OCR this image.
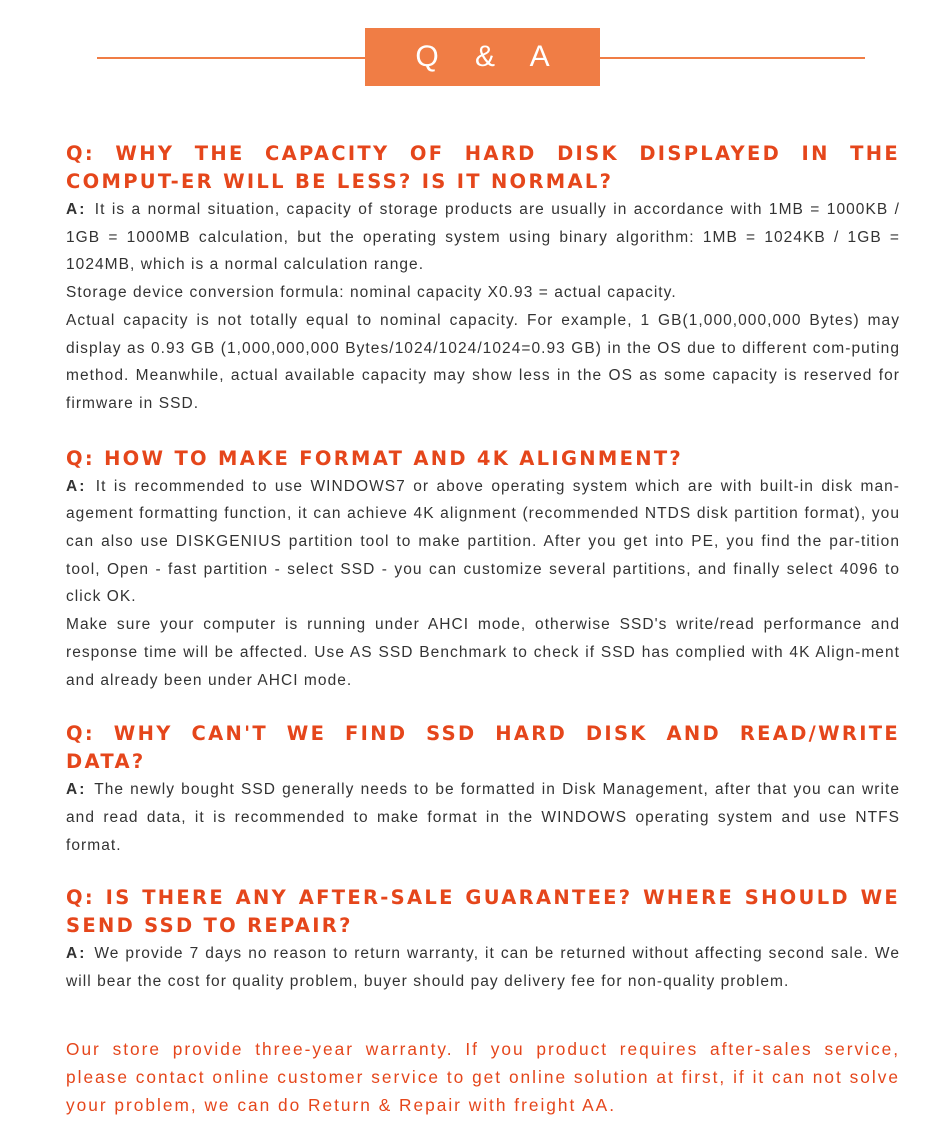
Q & A
Q: WHY THE CAPACITY OF HARD DISK DISPLAYED IN THE COMPUT-ER WILL BE LESS? IS IT NORMAL?

A: It is a normal situation, capacity of storage products are usually in accordance with 1MB = 1000KB / 1GB = 1000MB calculation, but the operating system using binary algorithm: 1MB = 1024KB / 1GB = 1024MB, which is a normal calculation range.

Storage device conversion formula: nominal capacity X0.93 = actual capacity.

Actual capacity is not totally equal to nominal capacity. For example, 1 GB(1,000,000,000 Bytes) may display as 0.93 GB (1,000,000,000 Bytes/1024/1024/1024=0.93 GB) in the OS due to different com-puting method. Meanwhile, actual available capacity may show less in the OS as some capacity is reserved for firmware in SSD.

Q: HOW TO MAKE FORMAT AND 4K ALIGNMENT?

A: It is recommended to use WINDOWS7 or above operating system which are with built-in disk man-agement formatting function, it can achieve 4K alignment (recommended NTDS disk partition format), you can also use DISKGENIUS partition tool to make partition. After you get into PE, you find the par-tition tool, Open - fast partition - select SSD - you can customize several partitions, and finally select 4096 to click OK.

Make sure your computer is running under AHCI mode, otherwise SSD's write/read performance and response time will be affected. Use AS SSD Benchmark to check if SSD has complied with 4K Align-ment and already been under AHCI mode.

Q: WHY CAN'T WE FIND SSD HARD DISK AND READ/WRITE DATA?

A: The newly bought SSD generally needs to be formatted in Disk Management, after that you can write and read data, it is recommended to make format in the WINDOWS operating system and use NTFS format.

Q: IS THERE ANY AFTER-SALE GUARANTEE? WHERE SHOULD WE SEND SSD TO REPAIR?

A: We provide 7 days no reason to return warranty, it can be returned without affecting second sale. We will bear the cost for quality problem, buyer should pay delivery fee for non-quality problem.

Our store provide three-year warranty. If you product requires after-sales service, please contact online customer service to get online solution at first, if it can not solve your problem, we can do Return & Repair with freight AA.
